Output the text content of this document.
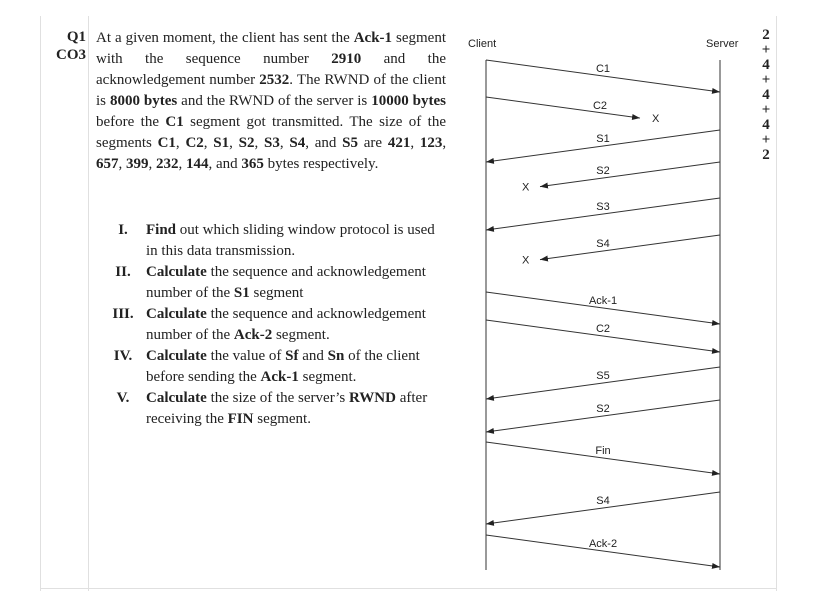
Q1
CO3
At a given moment, the client has sent the Ack-1 segment with the sequence number 2910 and the acknowledgement number 2532. The RWND of the client is 8000 bytes and the RWND of the server is 10000 bytes before the C1 segment got transmitted. The size of the segments C1, C2, S1, S2, S3, S4, and S5 are 421, 123, 657, 399, 232, 144, and 365 bytes respectively.
I.	Find out which sliding window protocol is used in this data transmission.
II.	Calculate the sequence and acknowledgement number of the S1 segment
III. Calculate the sequence and acknowledgement number of the Ack-2 segment.
IV. Calculate the value of Sf and Sn of the client before sending the Ack-1 segment.
V.	Calculate the size of the server’s RWND after receiving the FIN segment.
2
+
4
+
4
+
4
+
2
Client	Server
C1
C2
X
S1
S2
X
S3
S4
X
Ack-1
C2
S5
S2
Fin
S4
Ack-2
